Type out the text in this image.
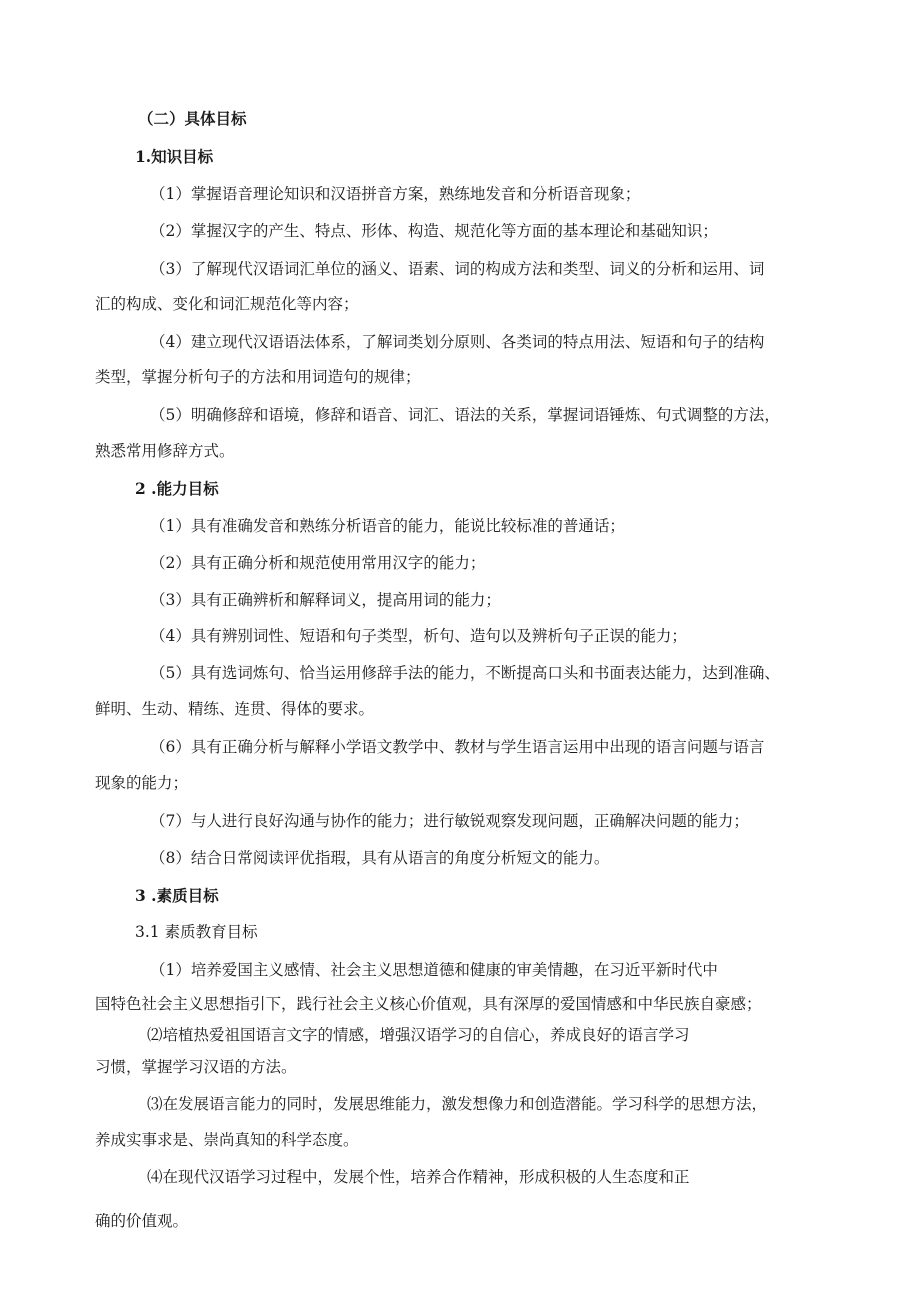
（二）具体目标
1.知识目标
（1）掌握语音理论知识和汉语拼音方案，熟练地发音和分析语音现象；
（2）掌握汉字的产生、特点、形体、构造、规范化等方面的基本理论和基础知识；
（3）了解现代汉语词汇单位的涵义、语素、词的构成方法和类型、词义的分析和运用、词
汇的构成、变化和词汇规范化等内容；
（4）建立现代汉语语法体系，了解词类划分原则、各类词的特点用法、短语和句子的结构
类型，掌握分析句子的方法和用词造句的规律；
（5）明确修辞和语境，修辞和语音、词汇、语法的关系，掌握词语锤炼、句式调整的方法，
熟悉常用修辞方式。
2 .能力目标
（1）具有准确发音和熟练分析语音的能力，能说比较标准的普通话；
（2）具有正确分析和规范使用常用汉字的能力；
（3）具有正确辨析和解释词义，提高用词的能力；
（4）具有辨别词性、短语和句子类型，析句、造句以及辨析句子正误的能力；
（5）具有选词炼句、恰当运用修辞手法的能力，不断提高口头和书面表达能力，达到准确、
鲜明、生动、精练、连贯、得体的要求。
（6）具有正确分析与解释小学语文教学中、教材与学生语言运用中出现的语言问题与语言
现象的能力；
（7）与人进行良好沟通与协作的能力；进行敏锐观察发现问题，正确解决问题的能力；
（8）结合日常阅读评优指瑕，具有从语言的角度分析短文的能力。
3 .素质目标
3.1 素质教育目标
（1）培养爱国主义感情、社会主义思想道德和健康的审美情趣，在习近平新时代中
国特色社会主义思想指引下，践行社会主义核心价值观，具有深厚的爱国情感和中华民族自豪感；
⑵培植热爱祖国语言文字的情感，增强汉语学习的自信心，养成良好的语言学习
习惯，掌握学习汉语的方法。
⑶在发展语言能力的同时，发展思维能力，激发想像力和创造潜能。学习科学的思想方法，
养成实事求是、崇尚真知的科学态度。
⑷在现代汉语学习过程中，发展个性，培养合作精神，形成积极的人生态度和正
确的价值观。
